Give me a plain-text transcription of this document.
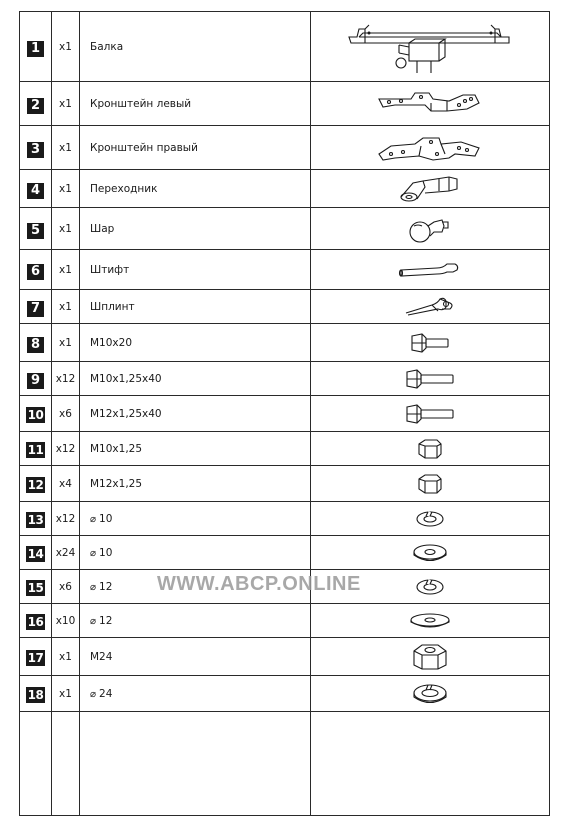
1	x1	Балка	

2	x1	Кронштейн левый	

3	x1	Кронштейн правый	

4	x1	Переходник	

5	x1	Шар	

6	x1	Штифт	

7	x1	Шплинт	

8	x1	M10x20	

9	x12	M10x1,25x40	

10	x6	M12x1,25x40	

11	x12	M10x1,25	

12	x4	M12x1,25	

13	x12	⌀ 10	

14	x24	⌀ 10	

15	x6	⌀ 12	

16	x10	⌀ 12	

17	x1	M24	

18	x1	⌀ 24	

WWW.ABCP.ONLINE
